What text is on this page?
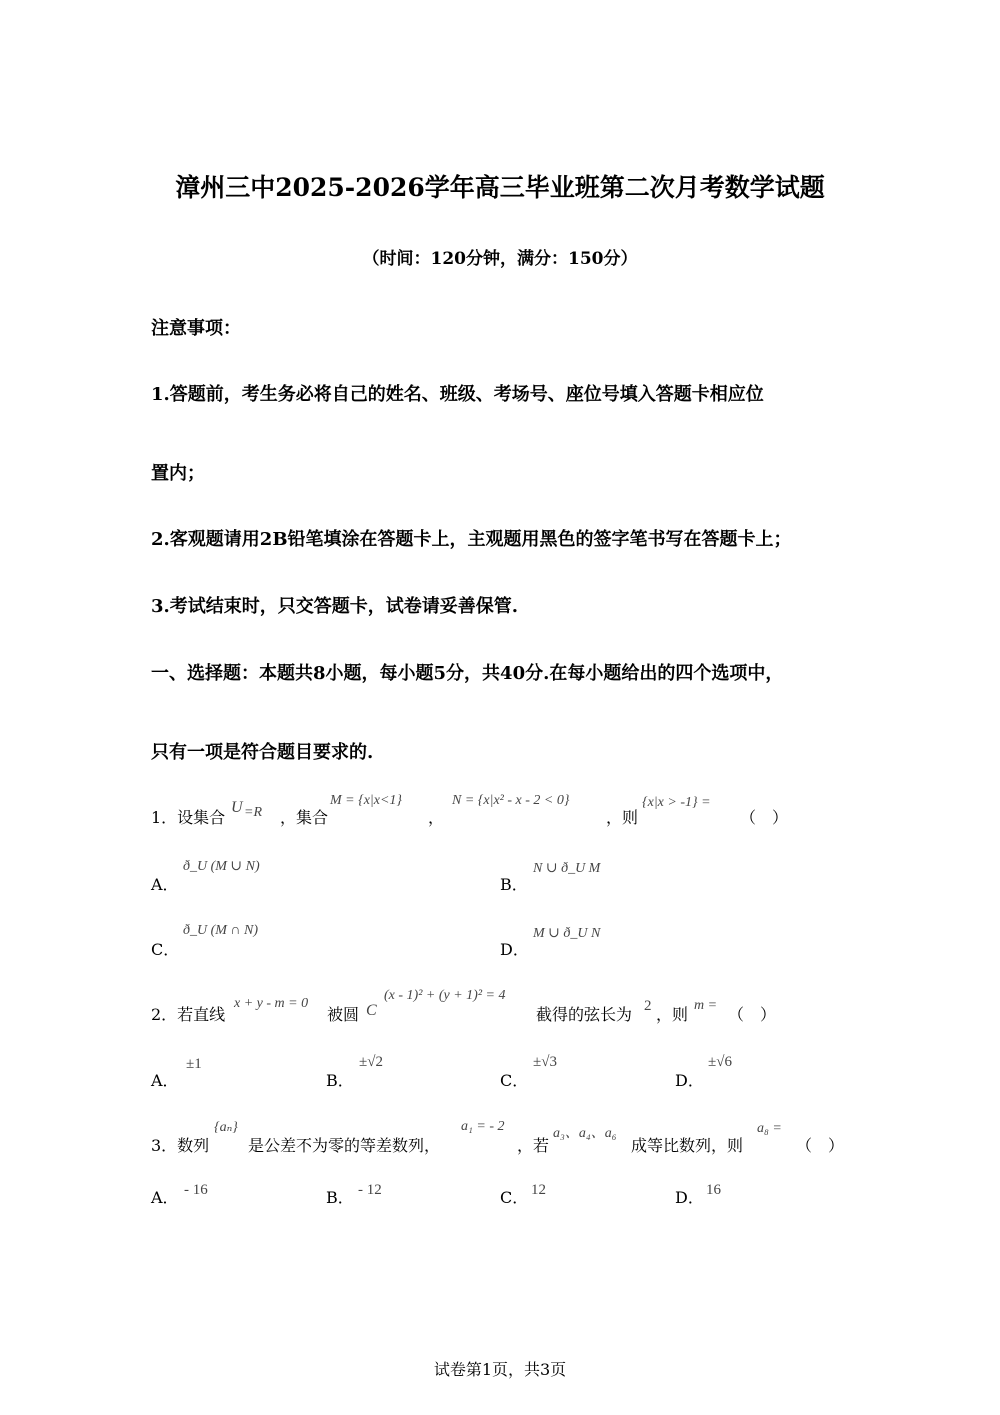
漳州三中2025-2026学年高三毕业班第二次月考数学试题
（时间：120分钟，满分：150分）
注意事项：
1.答题前，考生务必将自己的姓名、班级、考场号、座位号填入答题卡相应位
置内；
2.客观题请用2B铅笔填涂在答题卡上，主观题用黑色的签字笔书写在答题卡上；
3.考试结束时，只交答题卡，试卷请妥善保管.
一、选择题：本题共8小题，每小题5分，共40分.在每小题给出的四个选项中，
只有一项是符合题目要求的.
1．设集合
U =R ，集合
M = {x|x<1}
，
N = {x|x² - x - 2 < 0}
，则
{x|x > -1} =
（　）
A．
ð_U (M ∪ N)
B．
N ∪ ð_U M
C．
ð_U (M ∩ N)
D．
M ∪ ð_U N
2．若直线
x + y - m = 0
被圆 C
(x - 1)² + (y + 1)² = 4
截得的弦长为 2 ，则 m = （　）
A．
±1
B．
±√2
C．
±√3
D．
±√6
3．数列
{aₙ}
是公差不为零的等差数列，
a₁ = - 2
，若
a₃、a₄、a₆
成等比数列，则
a₈ =
（　）
A． - 16	B． - 12	C． 12	D． 16
试卷第1页，共3页
